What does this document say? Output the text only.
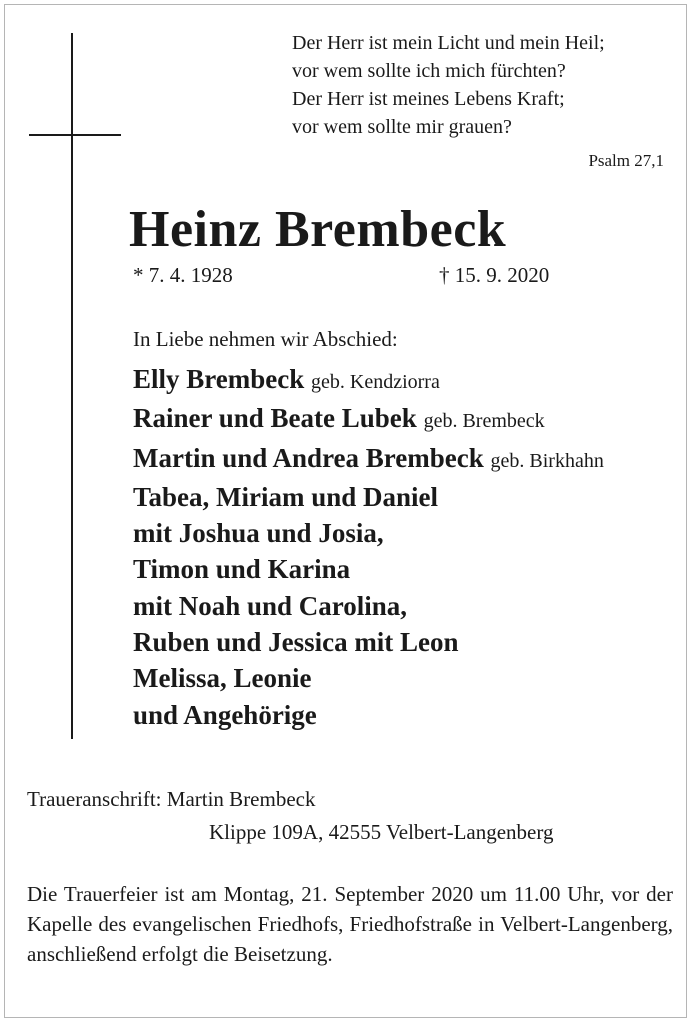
Der Herr ist mein Licht und mein Heil;
vor wem sollte ich mich fürchten?
Der Herr ist meines Lebens Kraft;
vor wem sollte mir grauen?
Psalm 27,1
Heinz Brembeck
* 7. 4. 1928	† 15. 9. 2020
In Liebe nehmen wir Abschied:
Elly Brembeck geb. Kendziorra
Rainer und Beate Lubek geb. Brembeck
Martin und Andrea Brembeck geb. Birkhahn
Tabea, Miriam und Daniel
mit Joshua und Josia,
Timon und Karina
mit Noah und Carolina,
Ruben und Jessica mit Leon
Melissa, Leonie
und Angehörige
Traueranschrift: Martin Brembeck
Klippe 109A, 42555 Velbert-Langenberg
Die Trauerfeier ist am Montag, 21. September 2020 um 11.00 Uhr, vor der Kapelle des evangelischen Friedhofs, Friedhofstraße in Velbert-Langenberg, anschließend erfolgt die Beisetzung.
